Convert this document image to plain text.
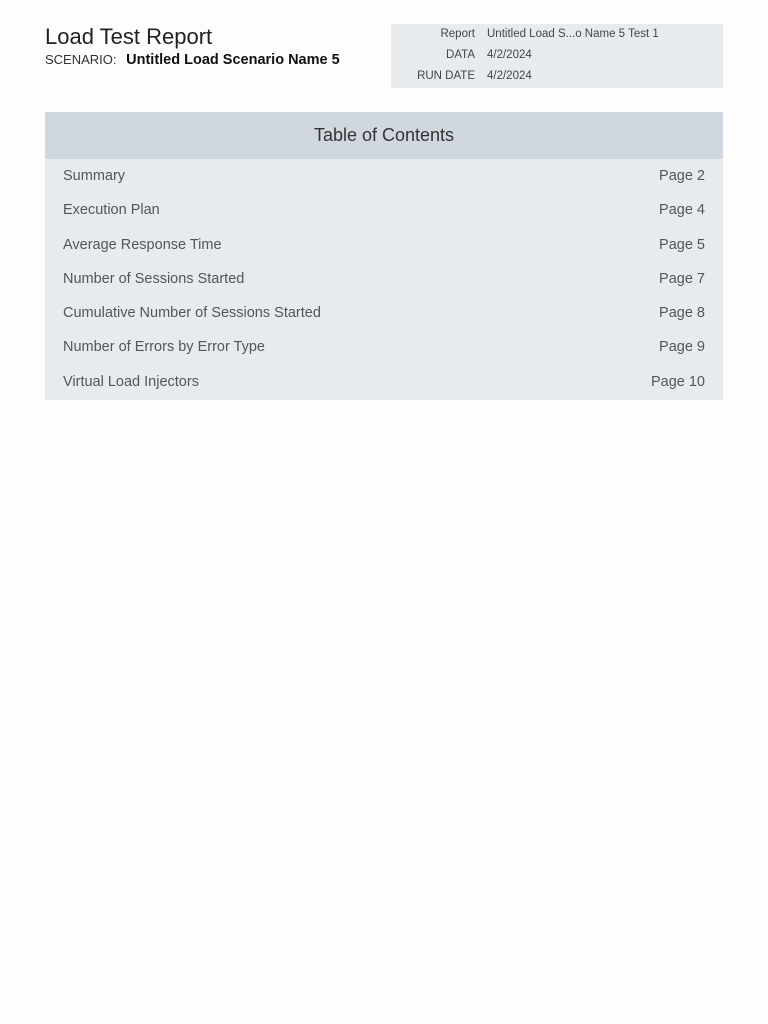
Load Test Report
SCENARIO: Untitled Load Scenario Name 5
Report Untitled Load S...o Name 5 Test 1
DATA 4/2/2024
RUN DATE 4/2/2024
Table of Contents
Summary	Page 2
Execution Plan	Page 4
Average Response Time	Page 5
Number of Sessions Started	Page 7
Cumulative Number of Sessions Started	Page 8
Number of Errors by Error Type	Page 9
Virtual Load Injectors	Page 10
